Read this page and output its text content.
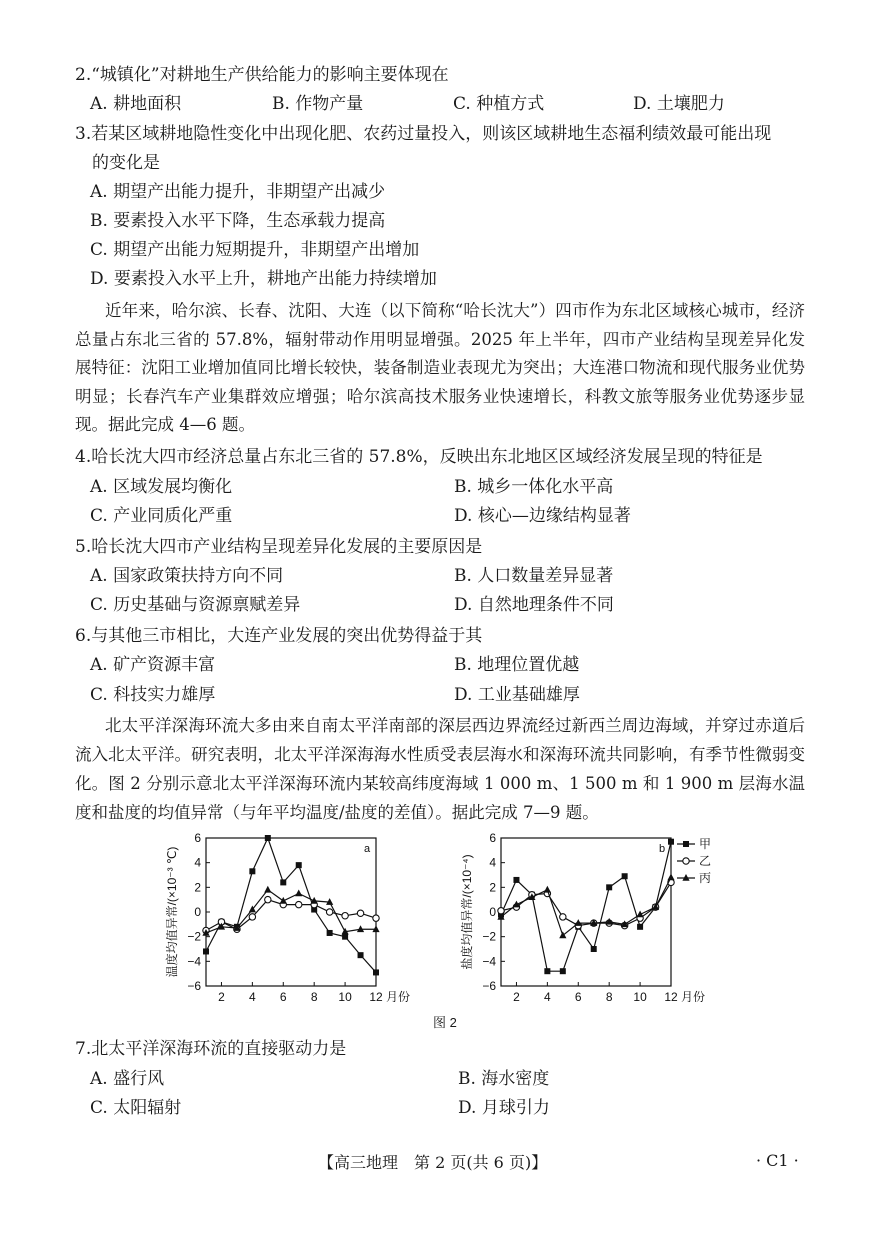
2.“城镇化”对耕地生产供给能力的影响主要体现在
A. 耕地面积	B. 作物产量	C. 种植方式	D. 土壤肥力
3.若某区域耕地隐性变化中出现化肥、农药过量投入，则该区域耕地生态福利绩效最可能出现
的变化是
A. 期望产出能力提升，非期望产出减少
B. 要素投入水平下降，生态承载力提高
C. 期望产出能力短期提升，非期望产出增加
D. 要素投入水平上升，耕地产出能力持续增加
近年来，哈尔滨、长春、沈阳、大连（以下简称“哈长沈大”）四市作为东北区域核心城市，经济总量占东北三省的 57.8%，辐射带动作用明显增强。2025 年上半年，四市产业结构呈现差异化发展特征：沈阳工业增加值同比增长较快，装备制造业表现尤为突出；大连港口物流和现代服务业优势明显；长春汽车产业集群效应增强；哈尔滨高技术服务业快速增长，科教文旅等服务业优势逐步显现。据此完成 4—6 题。
4.哈长沈大四市经济总量占东北三省的 57.8%，反映出东北地区区域经济发展呈现的特征是
A. 区域发展均衡化	B. 城乡一体化水平高
C. 产业同质化严重	D. 核心—边缘结构显著
5.哈长沈大四市产业结构呈现差异化发展的主要原因是
A. 国家政策扶持方向不同	B. 人口数量差异显著
C. 历史基础与资源禀赋差异	D. 自然地理条件不同
6.与其他三市相比，大连产业发展的突出优势得益于其
A. 矿产资源丰富	B. 地理位置优越
C. 科技实力雄厚	D. 工业基础雄厚
北太平洋深海环流大多由来自南太平洋南部的深层西边界流经过新西兰周边海域，并穿过赤道后流入北太平洋。研究表明，北太平洋深海海水性质受表层海水和深海环流共同影响，有季节性微弱变化。图 2 分别示意北太平洋深海环流内某较高纬度海域 1 000 m、1 500 m 和 1 900 m 层海水温度和盐度的均值异常（与年平均温度/盐度的差值）。据此完成 7—9 题。
−6
−4
−2
0
2
4
6
2 4 6 8 10 12 月份
温度均值异常/(×10⁻³ ℃)	a
−6
−4
−2
0
2
4
6
2 4 6 8 10 12 月份
盐度均值异常/(×10⁻⁴)
b	甲
乙
丙
图 2
7.北太平洋深海环流的直接驱动力是
A. 盛行风	B. 海水密度
C. 太阳辐射	D. 月球引力
【高三地理　第 2 页(共 6 页)】	· C1 ·
